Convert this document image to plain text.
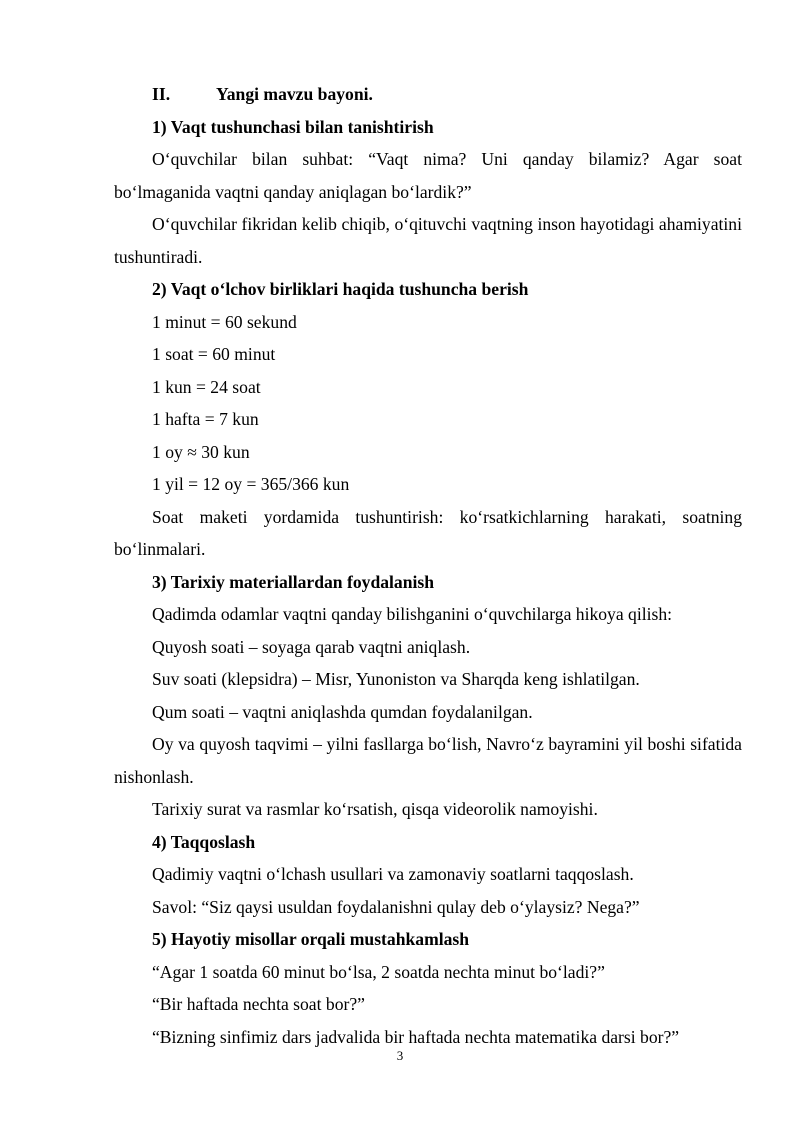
II.	Yangi mavzu bayoni.

1) Vaqt tushunchasi bilan tanishtirish

O‘quvchilar bilan suhbat: “Vaqt nima? Uni qanday bilamiz? Agar soat bo‘lmaganida vaqtni qanday aniqlagan bo‘lardik?”

O‘quvchilar fikridan kelib chiqib, o‘qituvchi vaqtning inson hayotidagi ahamiyatini tushuntiradi.

2) Vaqt o‘lchov birliklari haqida tushuncha berish

1 minut = 60 sekund

1 soat = 60 minut

1 kun = 24 soat

1 hafta = 7 kun

1 oy ≈ 30 kun

1 yil = 12 oy = 365/366 kun

Soat maketi yordamida tushuntirish: ko‘rsatkichlarning harakati, soatning bo‘linmalari.

3) Tarixiy materiallardan foydalanish

Qadimda odamlar vaqtni qanday bilishganini o‘quvchilarga hikoya qilish:

Quyosh soati – soyaga qarab vaqtni aniqlash.

Suv soati (klepsidra) – Misr, Yunoniston va Sharqda keng ishlatilgan.

Qum soati – vaqtni aniqlashda qumdan foydalanilgan.

Oy va quyosh taqvimi – yilni fasllarga bo‘lish, Navro‘z bayramini yil boshi sifatida nishonlash.

Tarixiy surat va rasmlar ko‘rsatish, qisqa videorolik namoyishi.

4) Taqqoslash

Qadimiy vaqtni o‘lchash usullari va zamonaviy soatlarni taqqoslash.

Savol: “Siz qaysi usuldan foydalanishni qulay deb o‘ylaysiz? Nega?”

5) Hayotiy misollar orqali mustahkamlash

“Agar 1 soatda 60 minut bo‘lsa, 2 soatda nechta minut bo‘ladi?”

“Bir haftada nechta soat bor?”

“Bizning sinfimiz dars jadvalida bir haftada nechta matematika darsi bor?”

3
